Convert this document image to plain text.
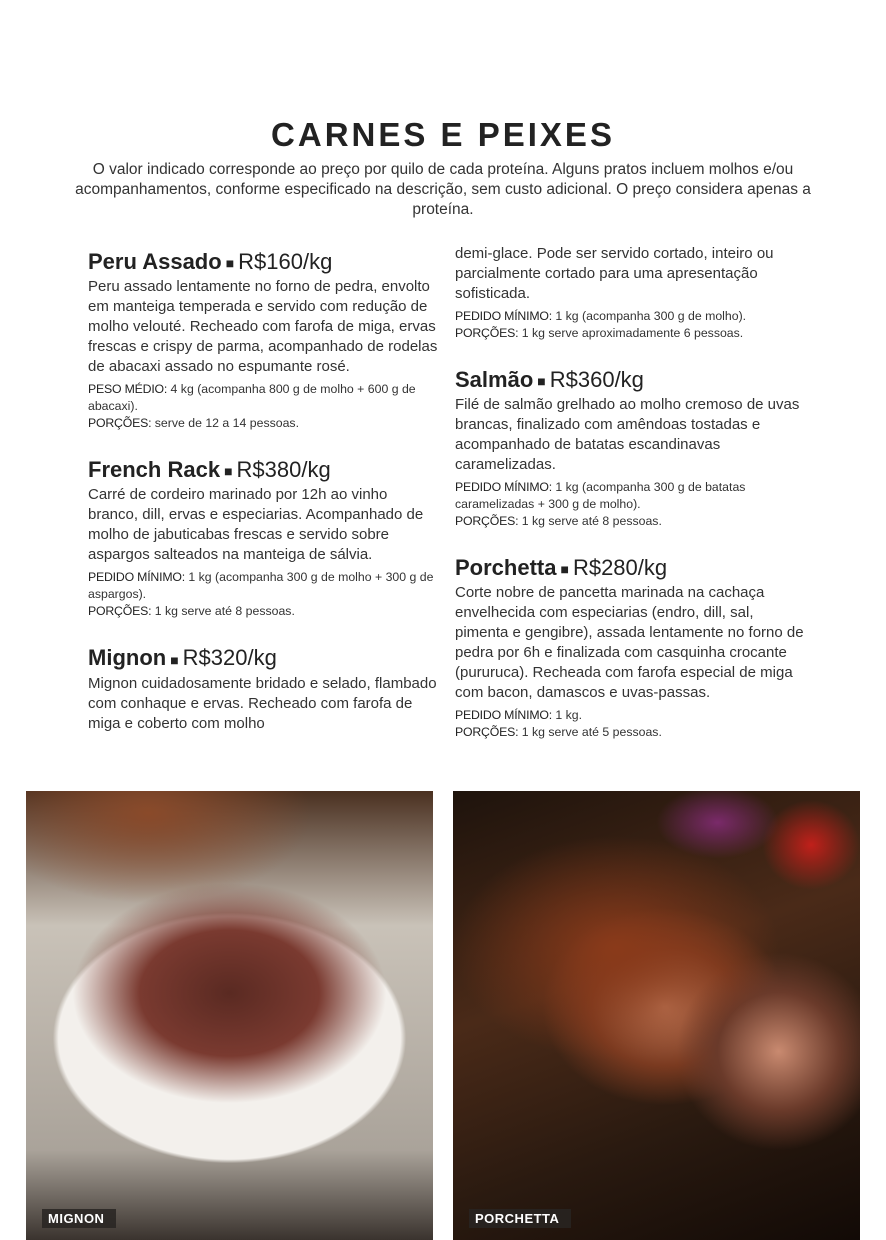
CARNES E PEIXES

O valor indicado corresponde ao preço por quilo de cada proteína. Alguns pratos incluem molhos e/ou acompanhamentos, conforme especificado na descrição, sem custo adicional. O preço considera apenas a proteína.

Peru Assado ■ R$160/kg

Peru assado lentamente no forno de pedra, envolto em manteiga temperada e servido com redução de molho velouté. Recheado com farofa de miga, ervas frescas e crispy de parma, acompanhado de rodelas de abacaxi assado no espumante rosé.

PESO MÉDIO: 4 kg (acompanha 800 g de molho + 600 g de abacaxi).
PORÇÕES: serve de 12 a 14 pessoas.

French Rack ■ R$380/kg

Carré de cordeiro marinado por 12h ao vinho branco, dill, ervas e especiarias. Acompanhado de molho de jabuticabas frescas e servido sobre aspargos salteados na manteiga de sálvia.

PEDIDO MÍNIMO: 1 kg (acompanha 300 g de molho + 300 g de aspargos).
PORÇÕES: 1 kg serve até 8 pessoas.

Mignon ■ R$320/kg

Mignon cuidadosamente bridado e selado, flambado com conhaque e ervas. Recheado com farofa de miga e coberto com molho

demi-glace. Pode ser servido cortado, inteiro ou parcialmente cortado para uma apresentação sofisticada.

PEDIDO MÍNIMO: 1 kg (acompanha 300 g de molho).
PORÇÕES: 1 kg serve aproximadamente 6 pessoas.

Salmão ■ R$360/kg

Filé de salmão grelhado ao molho cremoso de uvas brancas, finalizado com amêndoas tostadas e acompanhado de batatas escandinavas caramelizadas.

PEDIDO MÍNIMO: 1 kg (acompanha 300 g de batatas caramelizadas + 300 g de molho).
PORÇÕES: 1 kg serve até 8 pessoas.

Porchetta ■ R$280/kg

Corte nobre de pancetta marinada na cachaça envelhecida com especiarias (endro, dill, sal, pimenta e gengibre), assada lentamente no forno de pedra por 6h e finalizada com casquinha crocante (pururuca). Recheada com farofa especial de miga com bacon, damascos e uvas-passas.

PEDIDO MÍNIMO: 1 kg.
PORÇÕES: 1 kg serve até 5 pessoas.

MIGNON	PORCHETTA
